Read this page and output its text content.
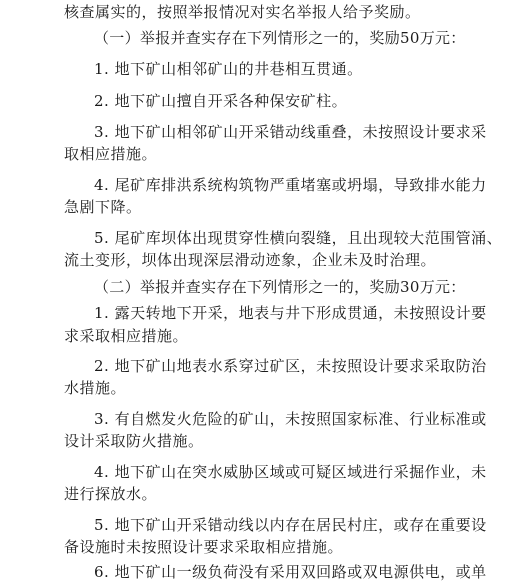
核查属实的，按照举报情况对实名举报人给予奖励。
（一）举报并查实存在下列情形之一的，奖励50万元：
1. 地下矿山相邻矿山的井巷相互贯通。
2. 地下矿山擅自开采各种保安矿柱。
3. 地下矿山相邻矿山开采错动线重叠，未按照设计要求采
取相应措施。
4. 尾矿库排洪系统构筑物严重堵塞或坍塌，导致排水能力
急剧下降。
5. 尾矿库坝体出现贯穿性横向裂缝，且出现较大范围管涌、
流土变形，坝体出现深层滑动迹象，企业未及时治理。
（二）举报并查实存在下列情形之一的，奖励30万元：
1. 露天转地下开采，地表与井下形成贯通，未按照设计要
求采取相应措施。
2. 地下矿山地表水系穿过矿区，未按照设计要求采取防治
水措施。
3. 有自燃发火危险的矿山，未按照国家标准、行业标准或
设计采取防火措施。
4. 地下矿山在突水威胁区域或可疑区域进行采掘作业，未
进行探放水。
5. 地下矿山开采错动线以内存在居民村庄，或存在重要设
备设施时未按照设计要求采取相应措施。
6. 地下矿山一级负荷没有采用双回路或双电源供电，或单
